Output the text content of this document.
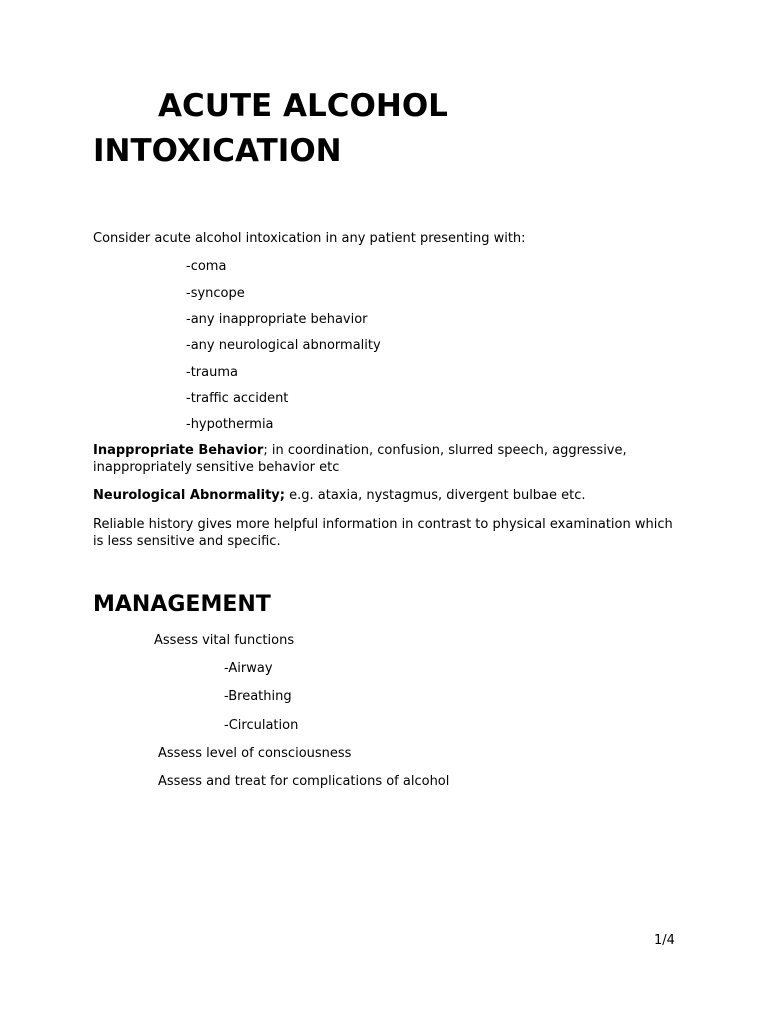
ACUTE ALCOHOL
INTOXICATION

Consider acute alcohol intoxication in any patient presenting with:

-coma

-syncope

-any inappropriate behavior

-any neurological abnormality

-trauma

-traffic accident

-hypothermia

Inappropriate Behavior; in coordination, confusion, slurred speech, aggressive, inappropriately sensitive behavior etc

Neurological Abnormality; e.g. ataxia, nystagmus, divergent bulbae etc.

Reliable history gives more helpful information in contrast to physical examination which is less sensitive and specific.

MANAGEMENT

Assess vital functions

-Airway

-Breathing

-Circulation

Assess level of consciousness

Assess and treat for complications of alcohol

1/4
